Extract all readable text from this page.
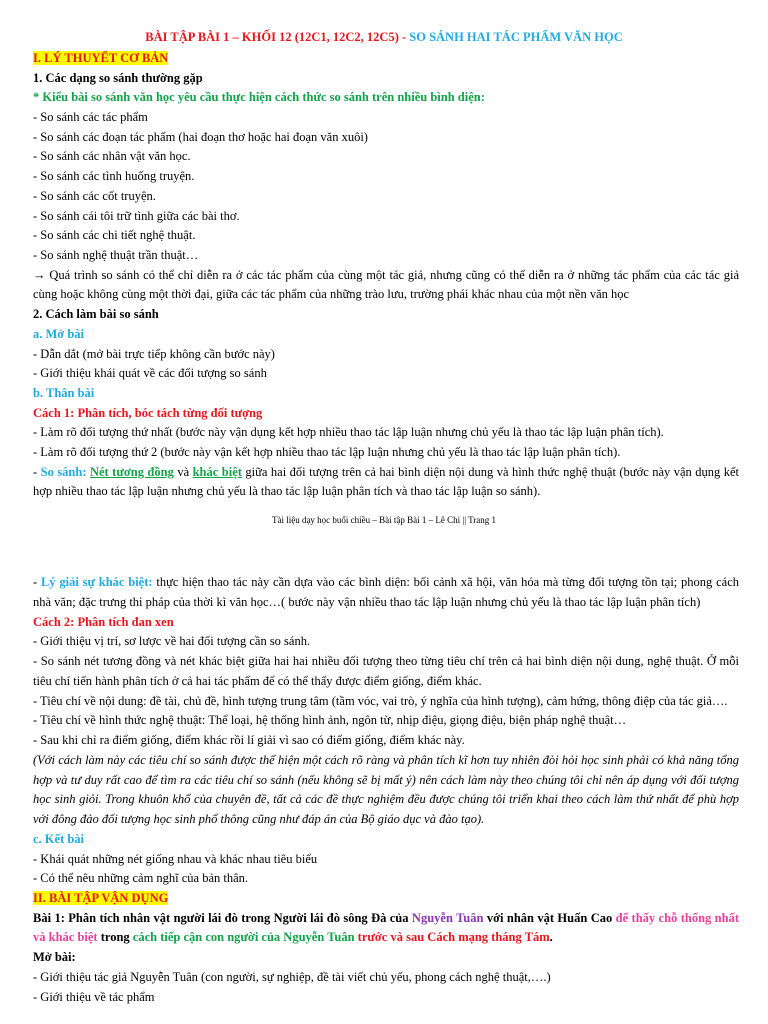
BÀI TẬP BÀI 1 – KHỐI 12 (12C1, 12C2, 12C5) - SO SÁNH HAI TÁC PHẨM VĂN HỌC
I. LÝ THUYẾT CƠ BẢN
1. Các dạng so sánh thường gặp
* Kiểu bài so sánh văn học yêu cầu thực hiện cách thức so sánh trên nhiều bình diện:
- So sánh các tác phẩm
- So sánh các đoạn tác phẩm (hai đoạn thơ hoặc hai đoạn văn xuôi)
- So sánh các nhân vật văn học.
- So sánh các tình huống truyện.
- So sánh các cốt truyện.
- So sánh cái tôi trữ tình giữa các bài thơ.
- So sánh các chi tiết nghệ thuật.
- So sánh nghệ thuật trần thuật…
→ Quá trình so sánh có thể chỉ diễn ra ở các tác phẩm của cùng một tác giả, nhưng cũng có thể diễn ra ở những tác phẩm của các tác giả cùng hoặc không cùng một thời đại, giữa các tác phẩm của những trào lưu, trường phái khác nhau của một nền văn học
2. Cách làm bài so sánh
a. Mở bài
- Dẫn dắt (mở bài trực tiếp không cần bước này)
- Giới thiệu khái quát về các đối tượng so sánh
b. Thân bài
Cách 1: Phân tích, bóc tách từng đối tượng
- Làm rõ đối tượng thứ nhất (bước này vận dụng kết hợp nhiều thao tác lập luận nhưng chủ yếu là thao tác lập luận phân tích).
- Làm rõ đối tượng thứ 2 (bước này vận kết hợp nhiều thao tác lập luận nhưng chủ yếu là thao tác lập luận phân tích).
- So sánh: Nét tương đồng và khác biệt giữa hai đối tượng trên cả hai bình diện nội dung và hình thức nghệ thuật (bước này vận dụng kết hợp nhiều thao tác lập luận nhưng chủ yếu là thao tác lập luận phân tích và thao tác lập luận so sánh).
Tài liệu dạy học buổi chiều – Bài tập Bài 1 – Lê Chi || Trang 1
- Lý giải sự khác biệt: thực hiện thao tác này cần dựa vào các bình diện: bối cảnh xã hội, văn hóa mà từng đối tượng tồn tại; phong cách nhà văn; đặc trưng thi pháp của thời kì văn học…( bước này vận nhiều thao tác lập luận nhưng chủ yếu là thao tác lập luận phân tích)
Cách 2: Phân tích đan xen
- Giới thiệu vị trí, sơ lược về hai đối tượng cần so sánh.
- So sánh nét tương đồng và nét khác biệt giữa hai hai nhiều đối tượng theo từng tiêu chí trên cả hai bình diện nội dung, nghệ thuật. Ở mỗi tiêu chí tiến hành phân tích ở cả hai tác phẩm để có thể thấy được điểm giống, điểm khác.
- Tiêu chí về nội dung: đề tài, chủ đề, hình tượng trung tâm (tầm vóc, vai trò, ý nghĩa của hình tượng), cảm hứng, thông điệp của tác giả….
- Tiêu chí về hình thức nghệ thuật: Thể loại, hệ thống hình ảnh, ngôn từ, nhịp điệu, giọng điệu, biện pháp nghệ thuật…
- Sau khi chỉ ra điểm giống, điểm khác rồi lí giải vì sao có điểm giống, điểm khác này.
(Với cách làm này các tiêu chí so sánh được thể hiện một cách rõ ràng và phân tích kĩ hơn tuy nhiên đòi hỏi học sinh phải có khả năng tổng hợp và tư duy rất cao để tìm ra các tiêu chí so sánh (nếu không sẽ bị mất ý) nên cách làm này theo chúng tôi chỉ nên áp dụng với đối tượng học sinh giỏi. Trong khuôn khổ của chuyên đề, tất cả các đề thực nghiệm đều được chúng tôi triển khai theo cách làm thứ nhất để phù hợp với đông đảo đối tượng học sinh phổ thông cũng như đáp án của Bộ giáo dục và đào tạo).
c. Kết bài
- Khái quát những nét giống nhau và khác nhau tiêu biểu
- Có thể nêu những cảm nghĩ của bản thân.
II. BÀI TẬP VẬN DỤNG
Bài 1: Phân tích nhân vật người lái đò trong Người lái đò sông Đà của Nguyễn Tuân với nhân vật Huấn Cao để thấy chỗ thống nhất và khác biệt trong cách tiếp cận con người của Nguyễn Tuân trước và sau Cách mạng tháng Tám.
Mở bài:
- Giới thiệu tác giả Nguyễn Tuân (con người, sự nghiệp, đề tài viết chủ yếu, phong cách nghệ thuật,….)
- Giới thiệu về tác phẩm
